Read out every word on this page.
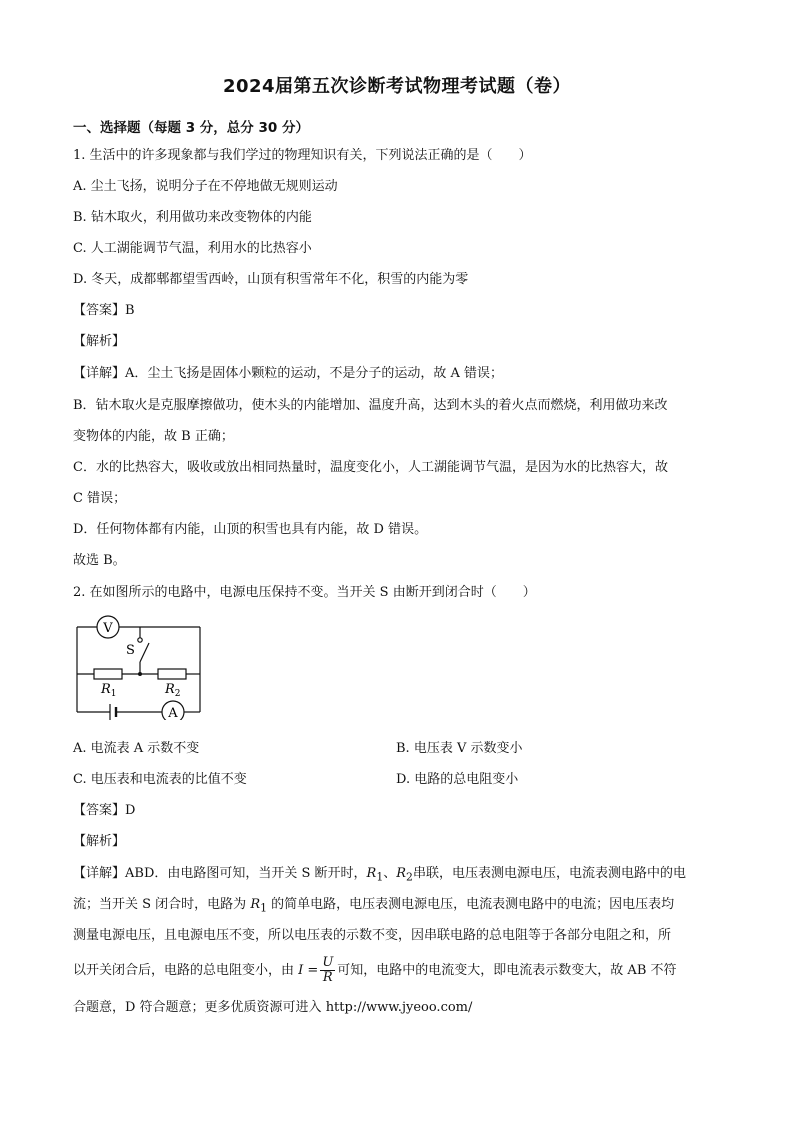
2024届第五次诊断考试物理考试题（卷）
一、选择题（每题 3 分，总分 30 分）
1. 生活中的许多现象都与我们学过的物理知识有关，下列说法正确的是（　　）
A. 尘土飞扬，说明分子在不停地做无规则运动
B. 钻木取火，利用做功来改变物体的内能
C. 人工湖能调节气温，利用水的比热容小
D. 冬天，成都郫都望雪西岭，山顶有积雪常年不化，积雪的内能为零
【答案】B
【解析】
【详解】A．尘土飞扬是固体小颗粒的运动，不是分子的运动，故 A 错误；
B．钻木取火是克服摩擦做功，使木头的内能增加、温度升高，达到木头的着火点而燃烧，利用做功来改
变物体的内能，故 B 正确；
C．水的比热容大，吸收或放出相同热量时，温度变化小，人工湖能调节气温，是因为水的比热容大，故
C 错误；
D．任何物体都有内能，山顶的积雪也具有内能，故 D 错误。
故选 B。
2. 在如图所示的电路中，电源电压保持不变。当开关 S 由断开到闭合时（　　）
V
S
$R_1$	$R_2$
A
A. 电流表 A 示数不变	B. 电压表 V 示数变小
C. 电压表和电流表的比值不变	D. 电路的总电阻变小
【答案】D
【解析】
【详解】ABD．由电路图可知，当开关 S 断开时，$R_1$、$R_2$串联，电压表测电源电压，电流表测电路中的电
流；当开关 S 闭合时，电路为 $R_1$ 的简单电路，电压表测电源电压，电流表测电路中的电流；因电压表均
测量电源电压，且电源电压不变，所以电压表的示数不变，因串联电路的总电阻等于各部分电阻之和，所
以开关闭合后，电路的总电阻变小，由 $I = \frac{U}{R}$ 可知，电路中的电流变大，即电流表示数变大，故 AB 不符
合题意，D 符合题意；更多优质资源可进入 http://www.jyeoo.com/
